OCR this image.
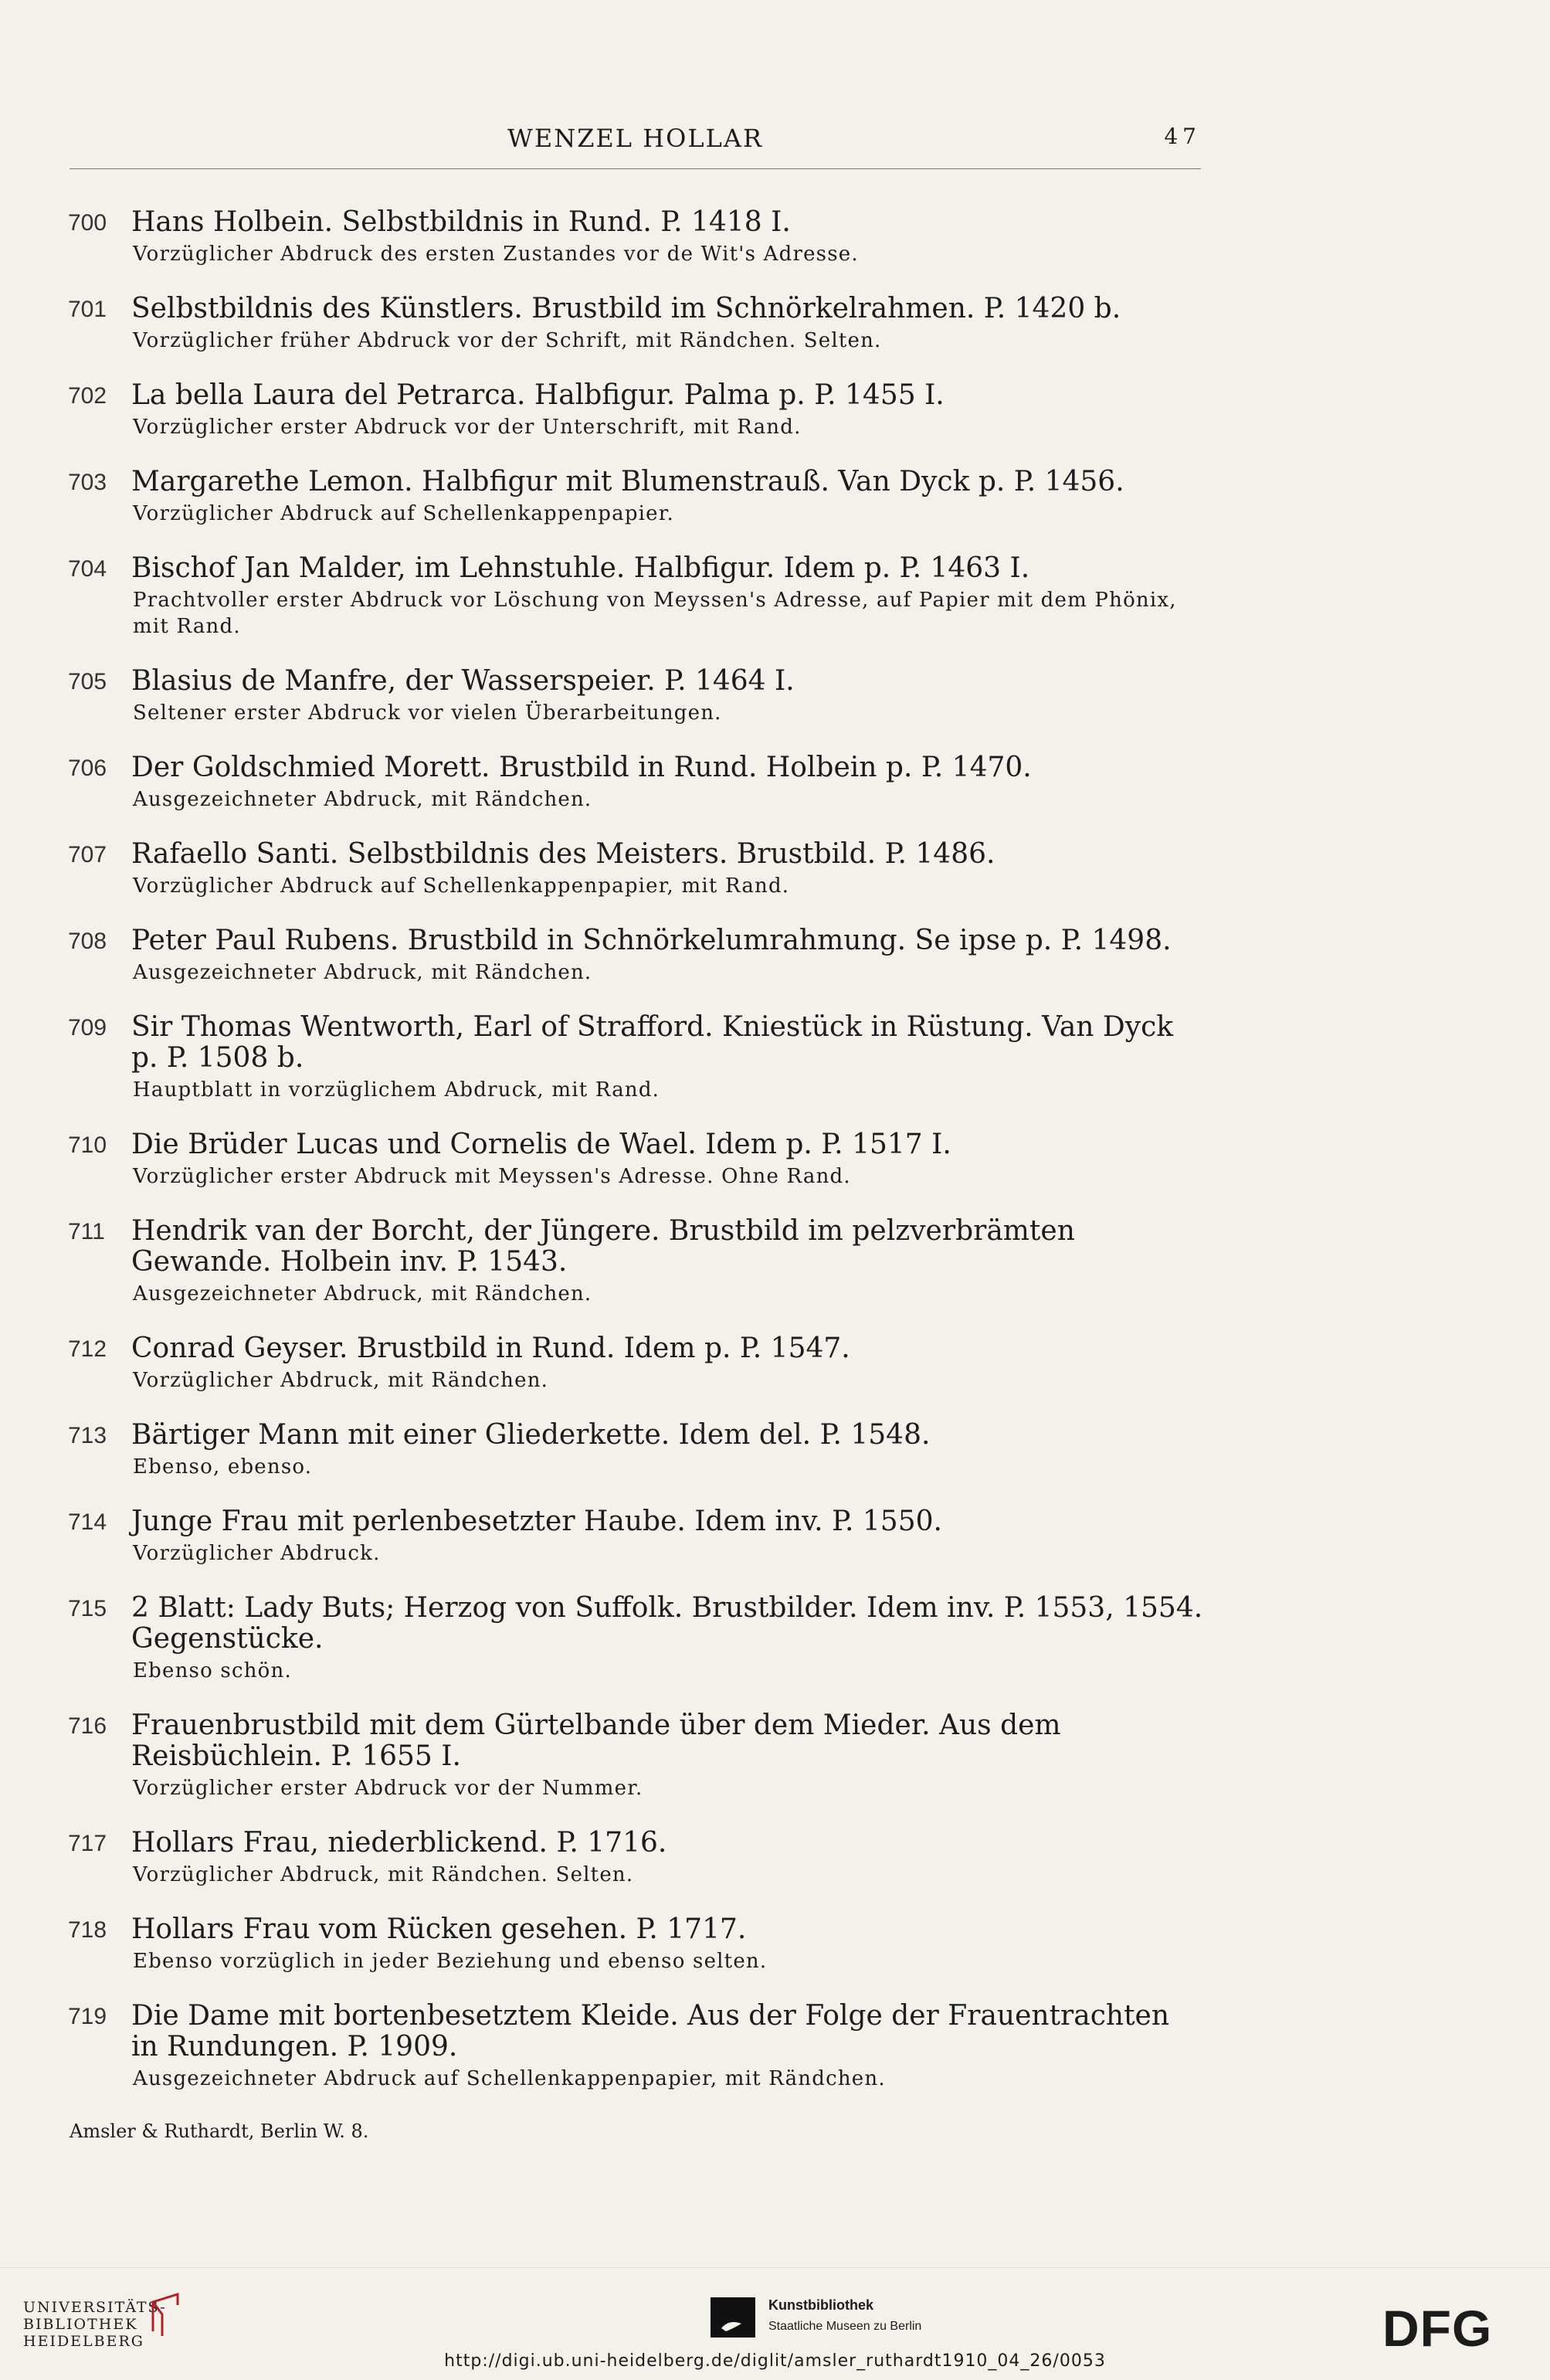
WENZEL HOLLAR	47
700 Hans Holbein. Selbstbildnis in Rund. P. 1418 I.
Vorzüglicher Abdruck des ersten Zustandes vor de Wit's Adresse.
701 Selbstbildnis des Künstlers. Brustbild im Schnörkelrahmen. P. 1420 b.
Vorzüglicher früher Abdruck vor der Schrift, mit Rändchen. Selten.
702 La bella Laura del Petrarca. Halbfigur. Palma p. P. 1455 I.
Vorzüglicher erster Abdruck vor der Unterschrift, mit Rand.
703 Margarethe Lemon. Halbfigur mit Blumenstrauß. Van Dyck p. P. 1456.
Vorzüglicher Abdruck auf Schellenkappenpapier.
704 Bischof Jan Malder, im Lehnstuhle. Halbfigur. Idem p. P. 1463 I.
Prachtvoller erster Abdruck vor Löschung von Meyssen's Adresse, auf Papier mit dem Phönix, mit Rand.
705 Blasius de Manfre, der Wasserspeier. P. 1464 I.
Seltener erster Abdruck vor vielen Überarbeitungen.
706 Der Goldschmied Morett. Brustbild in Rund. Holbein p. P. 1470.
Ausgezeichneter Abdruck, mit Rändchen.
707 Rafaello Santi. Selbstbildnis des Meisters. Brustbild. P. 1486.
Vorzüglicher Abdruck auf Schellenkappenpapier, mit Rand.
708 Peter Paul Rubens. Brustbild in Schnörkelumrahmung. Se ipse p. P. 1498.
Ausgezeichneter Abdruck, mit Rändchen.
709 Sir Thomas Wentworth, Earl of Strafford. Kniestück in Rüstung. Van Dyck p. P. 1508 b.
Hauptblatt in vorzüglichem Abdruck, mit Rand.
710 Die Brüder Lucas und Cornelis de Wael. Idem p. P. 1517 I.
Vorzüglicher erster Abdruck mit Meyssen's Adresse. Ohne Rand.
711 Hendrik van der Borcht, der Jüngere. Brustbild im pelzverbrämten Gewande. Holbein inv. P. 1543.
Ausgezeichneter Abdruck, mit Rändchen.
712 Conrad Geyser. Brustbild in Rund. Idem p. P. 1547.
Vorzüglicher Abdruck, mit Rändchen.
713 Bärtiger Mann mit einer Gliederkette. Idem del. P. 1548.
Ebenso, ebenso.
714 Junge Frau mit perlenbesetzter Haube. Idem inv. P. 1550.
Vorzüglicher Abdruck.
715 2 Blatt: Lady Buts; Herzog von Suffolk. Brustbilder. Idem inv. P. 1553, 1554. Gegenstücke.
Ebenso schön.
716 Frauenbrustbild mit dem Gürtelbande über dem Mieder. Aus dem Reisbüchlein. P. 1655 I.
Vorzüglicher erster Abdruck vor der Nummer.
717 Hollars Frau, niederblickend. P. 1716.
Vorzüglicher Abdruck, mit Rändchen. Selten.
718 Hollars Frau vom Rücken gesehen. P. 1717.
Ebenso vorzüglich in jeder Beziehung und ebenso selten.
719 Die Dame mit bortenbesetztem Kleide. Aus der Folge der Frauentrachten in Rundungen. P. 1909.
Ausgezeichneter Abdruck auf Schellenkappenpapier, mit Rändchen.
Amsler & Ruthardt, Berlin W. 8.
UNIVERSITÄTS-
BIBLIOTHEK
HEIDELBERG
Kunstbibliothek
Staatliche Museen zu Berlin	DFG
http://digi.ub.uni-heidelberg.de/diglit/amsler_ruthardt1910_04_26/0053
